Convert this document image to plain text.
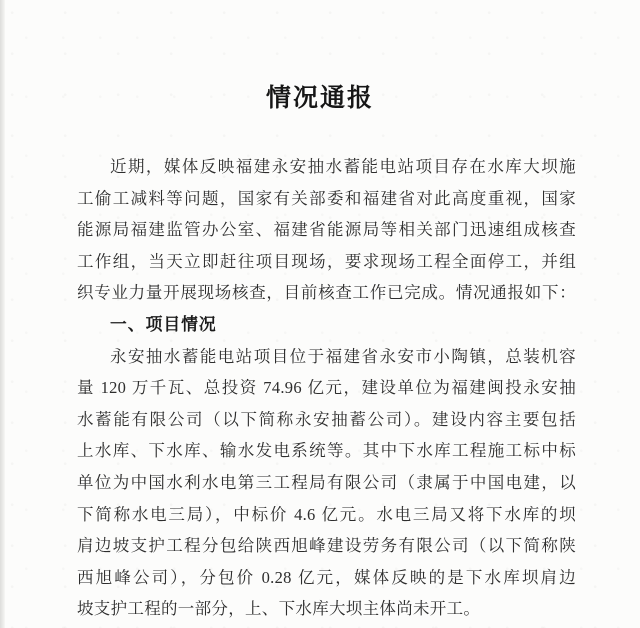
情况通报
近期，媒体反映福建永安抽水蓄能电站项目存在水库大坝施
工偷工减料等问题，国家有关部委和福建省对此高度重视，国家
能源局福建监管办公室、福建省能源局等相关部门迅速组成核查
工作组，当天立即赶往项目现场，要求现场工程全面停工，并组
织专业力量开展现场核查，目前核查工作已完成。情况通报如下：
一、项目情况
永安抽水蓄能电站项目位于福建省永安市小陶镇，总装机容
量 120 万千瓦、总投资 74.96 亿元，建设单位为福建闽投永安抽
水蓄能有限公司（以下简称永安抽蓄公司）。建设内容主要包括
上水库、下水库、输水发电系统等。其中下水库工程施工标中标
单位为中国水利水电第三工程局有限公司（隶属于中国电建，以
下简称水电三局），中标价 4.6 亿元。水电三局又将下水库的坝
肩边坡支护工程分包给陕西旭峰建设劳务有限公司（以下简称陕
西旭峰公司），分包价 0.28 亿元，媒体反映的是下水库坝肩边
坡支护工程的一部分，上、下水库大坝主体尚未开工。
